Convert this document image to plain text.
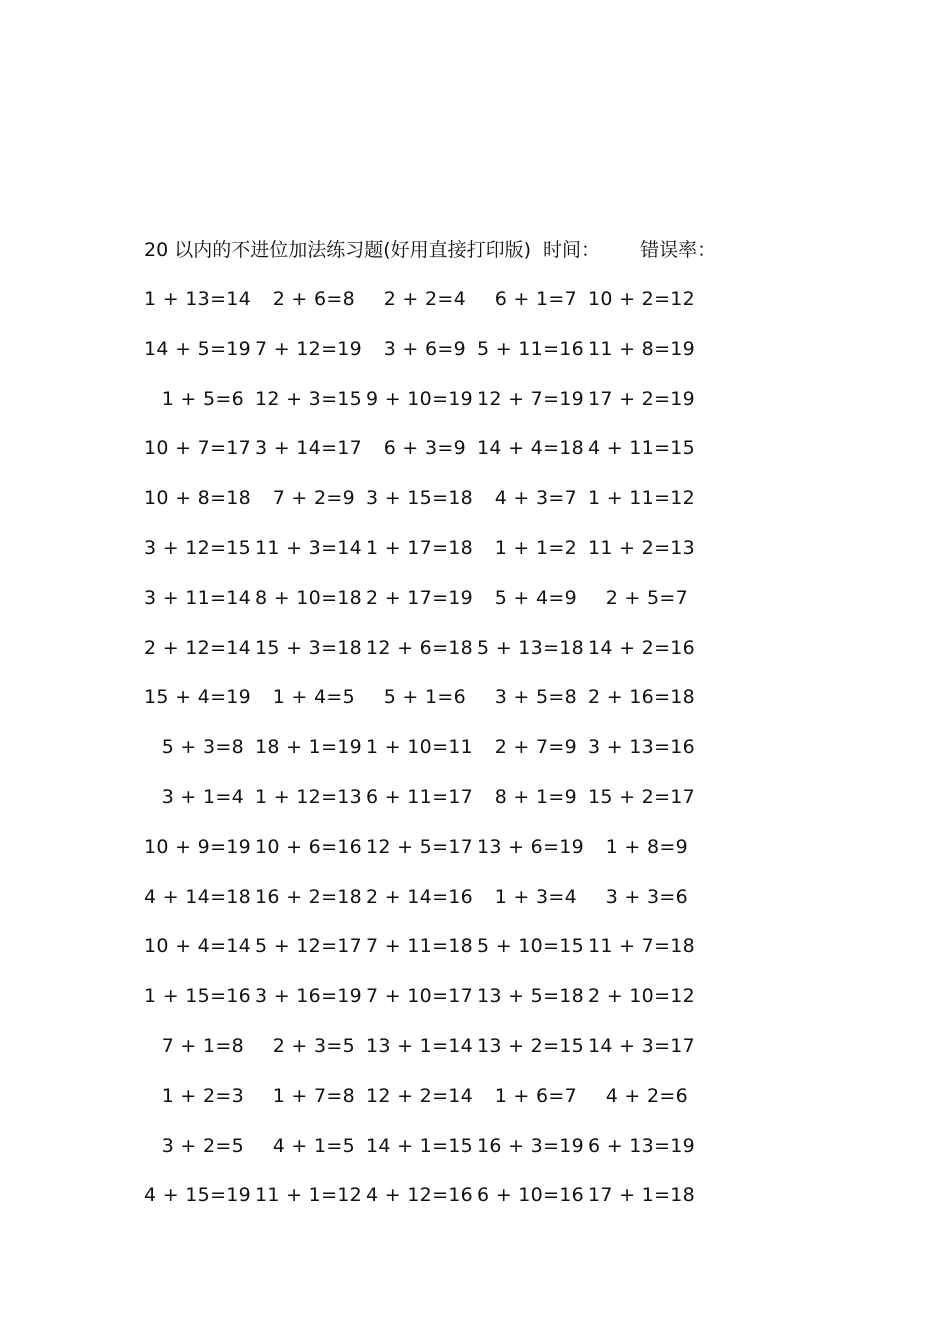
20 以内的不进位加法练习题(好用直接打印版) 时间： 错误率：
1 + 13=14	2 + 6=8	2 + 2=4	6 + 1=7 10 + 2=12
14 + 5=19 7 + 12=19	3 + 6=9 5 + 11=16 11 + 8=19
1 + 5=6 12 + 3=15 9 + 10=19 12 + 7=19 17 + 2=19
10 + 7=17 3 + 14=17	6 + 3=9 14 + 4=18 4 + 11=15
10 + 8=18	7 + 2=9 3 + 15=18	4 + 3=7 1 + 11=12
3 + 12=15 11 + 3=14 1 + 17=18	1 + 1=2 11 + 2=13
3 + 11=14 8 + 10=18 2 + 17=19	5 + 4=9	2 + 5=7
2 + 12=14 15 + 3=18 12 + 6=18 5 + 13=18 14 + 2=16
15 + 4=19	1 + 4=5	5 + 1=6	3 + 5=8 2 + 16=18
5 + 3=8 18 + 1=19 1 + 10=11	2 + 7=9 3 + 13=16
3 + 1=4 1 + 12=13 6 + 11=17	8 + 1=9 15 + 2=17
10 + 9=19 10 + 6=16 12 + 5=17 13 + 6=19	1 + 8=9
4 + 14=18 16 + 2=18 2 + 14=16	1 + 3=4	3 + 3=6
10 + 4=14 5 + 12=17 7 + 11=18 5 + 10=15 11 + 7=18
1 + 15=16 3 + 16=19 7 + 10=17 13 + 5=18 2 + 10=12
7 + 1=8	2 + 3=5 13 + 1=14 13 + 2=15 14 + 3=17
1 + 2=3	1 + 7=8 12 + 2=14	1 + 6=7	4 + 2=6
3 + 2=5	4 + 1=5 14 + 1=15 16 + 3=19 6 + 13=19
4 + 15=19 11 + 1=12 4 + 12=16 6 + 10=16 17 + 1=18
